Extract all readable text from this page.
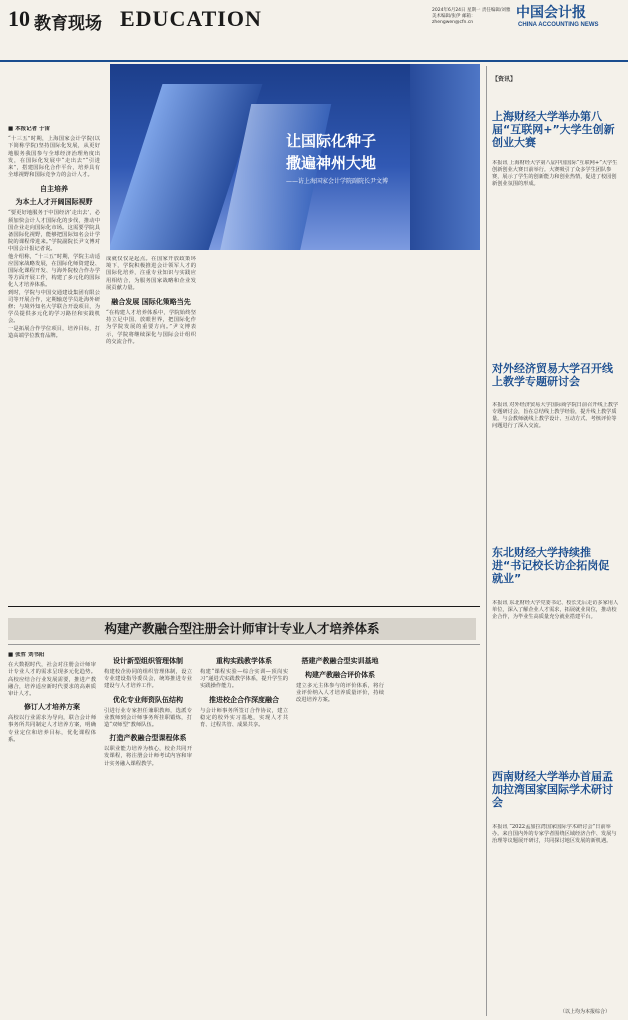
10 教育现场 EDUCATION	2024年6月24日 星期一 责任编辑/刘雅 美术编辑/张伊 邮箱：zhengwen@cfn.cn
中国会计报
CHINA ACCOUNTING NEWS
让国际化种子
撒遍神州大地
——访上海国家会计学院副院长尹文博
■ 本报记者 于宙

“十三五”时期，上海国家会计学院(以下简称学院)坚持国际化发展，从更好地服务我国参与全球经济治理角度出发，在国际化发展中“走出去”“引进来”，搭建国际化合作平台，培养具有全球视野和国际竞争力的会计人才。

自主培养
为本土人才开阔国际视野

“要更好地服务于中国经济‘走出去’，必须加快会计人才国际化的步伐，推动中国企业走向国际化市场。这需要学院具备国际化视野，能够把国际知名会计学院的课程带进来。”学院副院长尹文博对中国会计报记者说。

他介绍称，“十三五”时期，学院主动适应国家战略发展，在国际化师资建设、国际化课程开发、与海外院校合作办学等方面开展工作，构建了多元化的国际化人才培养体系。

到时，学院与中国交通建设集团有限公司等开展合作，定期输送学员赴海外研修；与境外知名大学联合开设项目，为学员提供多元化的学习路径和实践机会。

一是拓展合作学位项目，培养目标，打造高端学位教育品牌。

成就仅仅是起点。在国家开放政策环境下，学院积极推进会计领军人才的国际化培养，注重专业知识与实践应用相结合，为服务国家战略和企业发展贡献力量。

融合发展 国际化策略当先

“在构建人才培养体系中，学院始终坚持立足中国、放眼世界，把国际化作为学院发展的重要方向。”尹文博表示，学院将继续深化与国际会计组织的交流合作。

构建产教融合型注册会计师审计专业人才培养体系
■ 张哲 刘书阳

在大数据时代，社会对注册会计师审计专业人才的需求呈现多元化趋势。高校应结合行业发展需要，推进产教融合，培养适应新时代要求的高素质审计人才。

修订人才培养方案

高校以行业需求为导向，联合会计师事务所共同制定人才培养方案，明确专业定位和培养目标，优化课程体系。

设计新型组织管理体制

构建校企协同的组织管理体制，设立专业建设指导委员会，统筹推进专业建设与人才培养工作。

优化专业师资队伍结构

引进行业专家担任兼职教师，选派专业教师到会计师事务所挂职锻炼，打造“双师型”教师队伍。

打造产教融合型课程体系

以职业能力培养为核心，校企共同开发课程，将注册会计师考试内容和审计实务融入课程教学。

重构实践教学体系

构建“课程实验—综合实训—顶岗实习”递进式实践教学体系，提升学生的实践操作能力。

推进校企合作深度融合

与会计师事务所签订合作协议，建立稳定的校外实习基地，实现人才共育、过程共管、成果共享。

搭建产教融合型实训基地
构建产教融合评价体系

建立多元主体参与的评价体系，将行业评价纳入人才培养质量评价，持续改进培养方案。

【资讯】
上海财经大学举办第八届“互联网+”大学生创新创业大赛
本报讯 上海财经大学第八届中国国际“互联网+”大学生创新创业大赛日前举行。大赛吸引了众多学生团队参赛，展示了学生的创新能力和创业热情，促进了校园创新创业氛围的形成。
对外经济贸易大学召开线上教学专题研讨会
本报讯 对外经济贸易大学国际商学院日前召开线上教学专题研讨会，旨在总结线上教学经验，提升线上教学质量。与会教师就线上教学设计、互动方式、考核评价等问题进行了深入交流。
东北财经大学持续推进“书记校长访企拓岗促就业”
本报讯 东北财经大学党委书记、校长先后走访多家用人单位，深入了解企业人才需求，拓展就业岗位，推动校企合作，为毕业生高质量充分就业搭建平台。
西南财经大学举办首届孟加拉湾国家国际学术研讨会
本报讯 “2022孟加拉湾国家国际学术研讨会”日前举办。来自国内外的专家学者围绕区域经济合作、发展与治理等议题展开研讨，共同探讨地区发展的新机遇。
（以上均为本报综合）
